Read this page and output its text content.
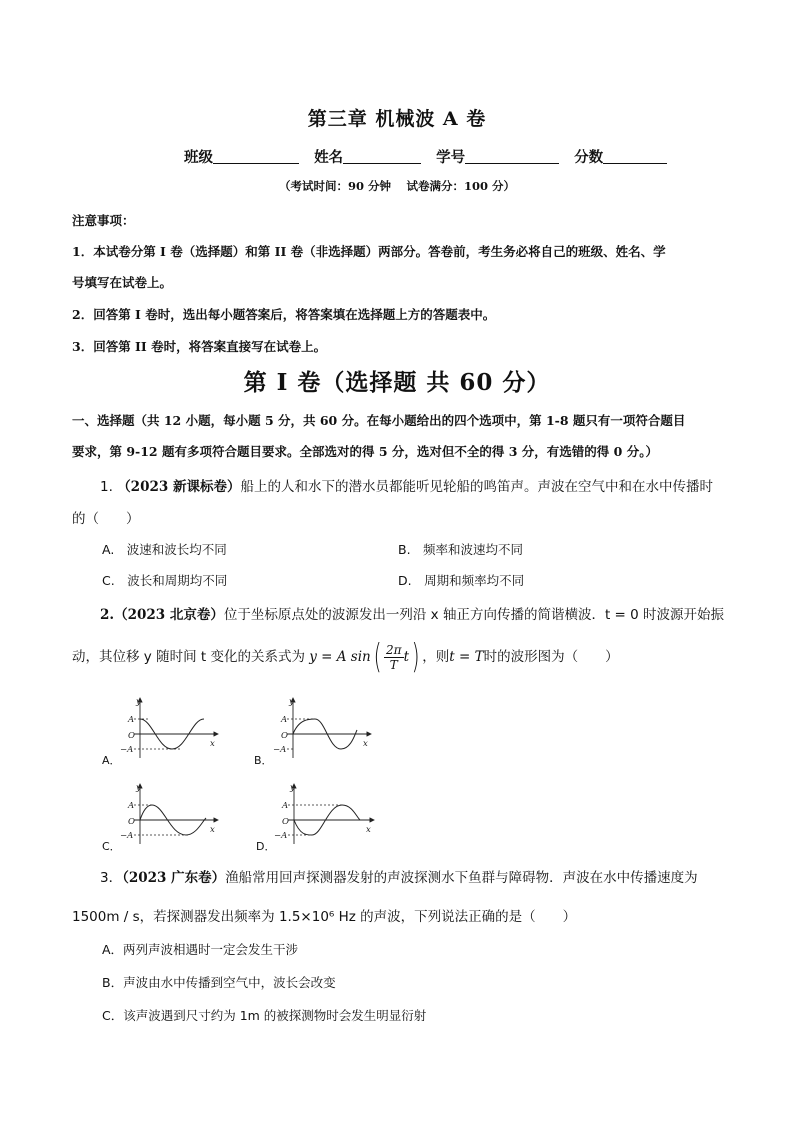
第三章 机械波 A 卷
班级	姓名	学号	分数
（考试时间：90 分钟　 试卷满分：100 分）
注意事项：
1．本试卷分第 I 卷（选择题）和第 II 卷（非选择题）两部分。答卷前，考生务必将自己的班级、姓名、学
号填写在试卷上。
2．回答第 I 卷时，选出每小题答案后，将答案填在选择题上方的答题表中。
3．回答第 II 卷时，将答案直接写在试卷上。
第 I 卷（选择题 共 60 分）
一、选择题（共 12 小题，每小题 5 分，共 60 分。在每小题给出的四个选项中，第 1-8 题只有一项符合题目
要求，第 9-12 题有多项符合题目要求。全部选对的得 5 分，选对但不全的得 3 分，有选错的得 0 分。）
1. （2023 新课标卷）船上的人和水下的潜水员都能听见轮船的鸣笛声。声波在空气中和在水中传播时
的（　　）
A.　波速和波长均不同	B.　频率和波速均不同
C.　波长和周期均不同	D.　周期和频率均不同
2.（2023 北京卷）位于坐标原点处的波源发出一列沿 x 轴正方向传播的简谐横波．t = 0 时波源开始振
动，其位移 y 随时间 t 变化的关系式为 y = A $\sin( \frac{2\pi}{T} t)$ ，则t = T时的波形图为（　　）
A．	B．
C．	D．
y
A
O
−A
x
y
A
O
−A
x
y
A
O
−A
x
y
A
O
−A
x
3．（2023 广东卷）渔船常用回声探测器发射的声波探测水下鱼群与障碍物．声波在水中传播速度为
1500m / s，若探测器发出频率为 1.5×10⁶ Hz 的声波，下列说法正确的是（　　）
A．两列声波相遇时一定会发生干涉
B．声波由水中传播到空气中，波长会改变
C．该声波遇到尺寸约为 1m 的被探测物时会发生明显衍射
